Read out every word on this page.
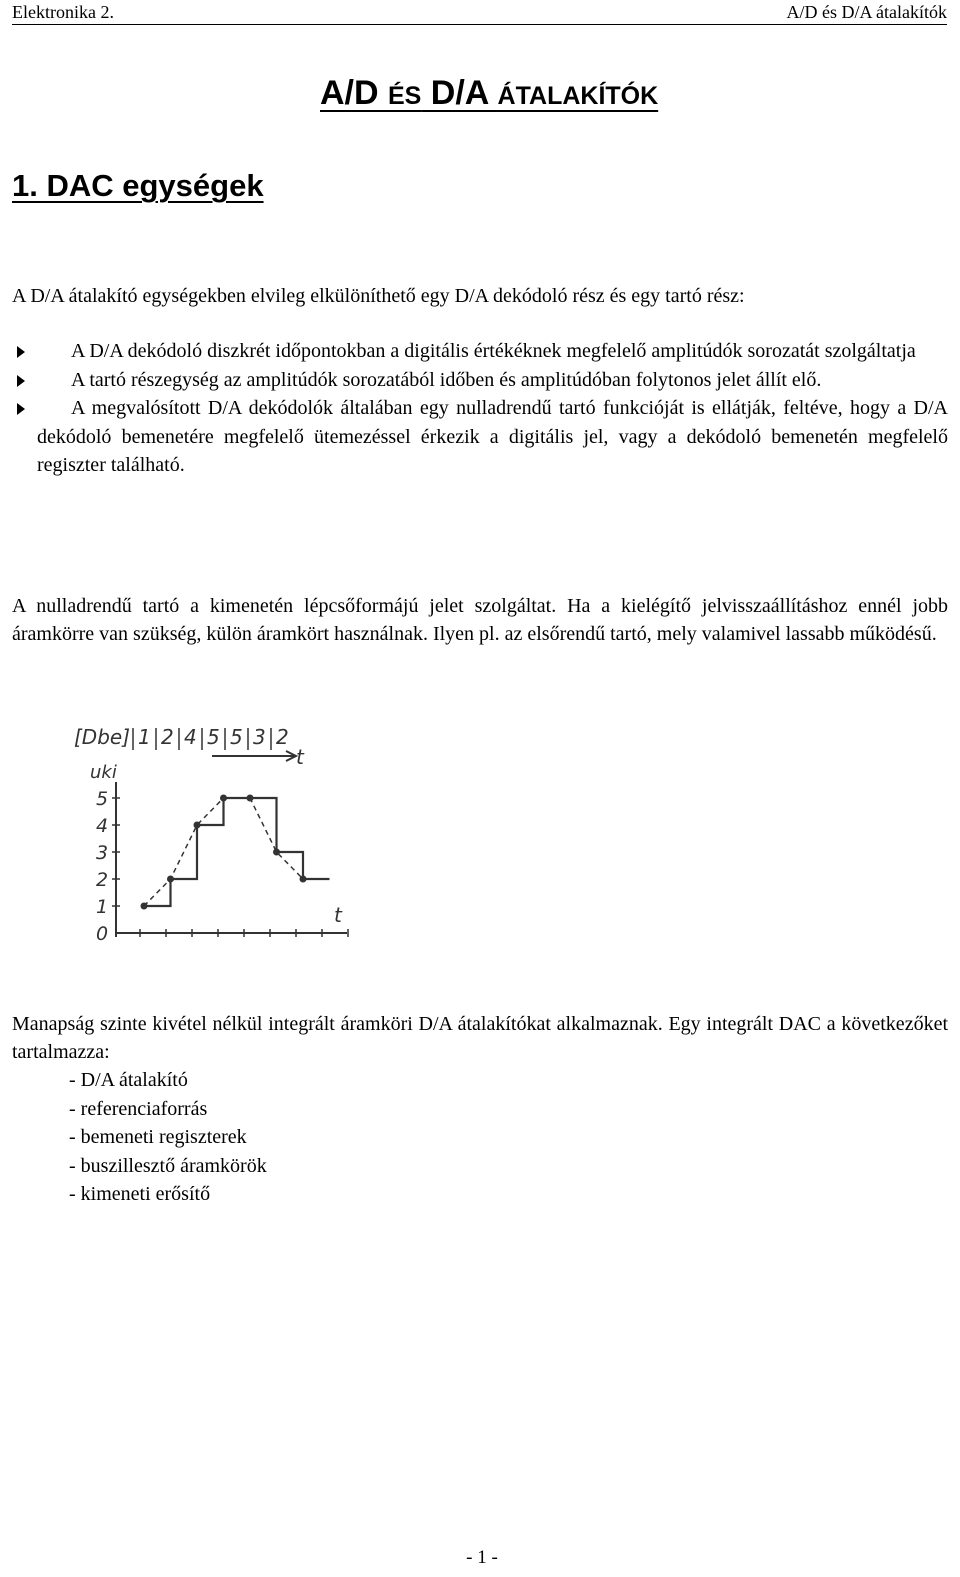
Elektronika 2.	A/D és D/A átalakítók
A/D ÉS D/A ÁTALAKÍTÓK
1. DAC egységek
A D/A átalakító egységekben elvileg elkülöníthető egy D/A dekódoló rész és egy tartó rész:
A D/A dekódoló diszkrét időpontokban a digitális értékéknek megfelelő amplitúdók sorozatát szolgáltatja
A tartó részegység az amplitúdók sorozatából időben és amplitúdóban folytonos jelet állít elő.
A megvalósított D/A dekódolók általában egy nulladrendű tartó funkcióját is ellátják, feltéve, hogy a D/A dekódoló bemenetére megfelelő ütemezéssel érkezik a digitális jel, vagy a dekódoló bemenetén megfelelő regiszter található.
A nulladrendű tartó a kimenetén lépcsőformájú jelet szolgáltat. Ha a kielégítő jelvisszaállításhoz ennél jobb áramkörre van szükség, külön áramkört használnak. Ilyen pl. az elsőrendű tartó, mely valamivel lassabb működésű.
[Dbe] 1 2 4 5 5 3 2
t
uki
0
1
2
3
4
5
t
Manapság szinte kivétel nélkül integrált áramköri D/A átalakítókat alkalmaznak. Egy integrált DAC a következőket tartalmazza:
- D/A átalakító
- referenciaforrás
- bemeneti regiszterek
- buszillesztő áramkörök
- kimeneti erősítő
- 1 -
